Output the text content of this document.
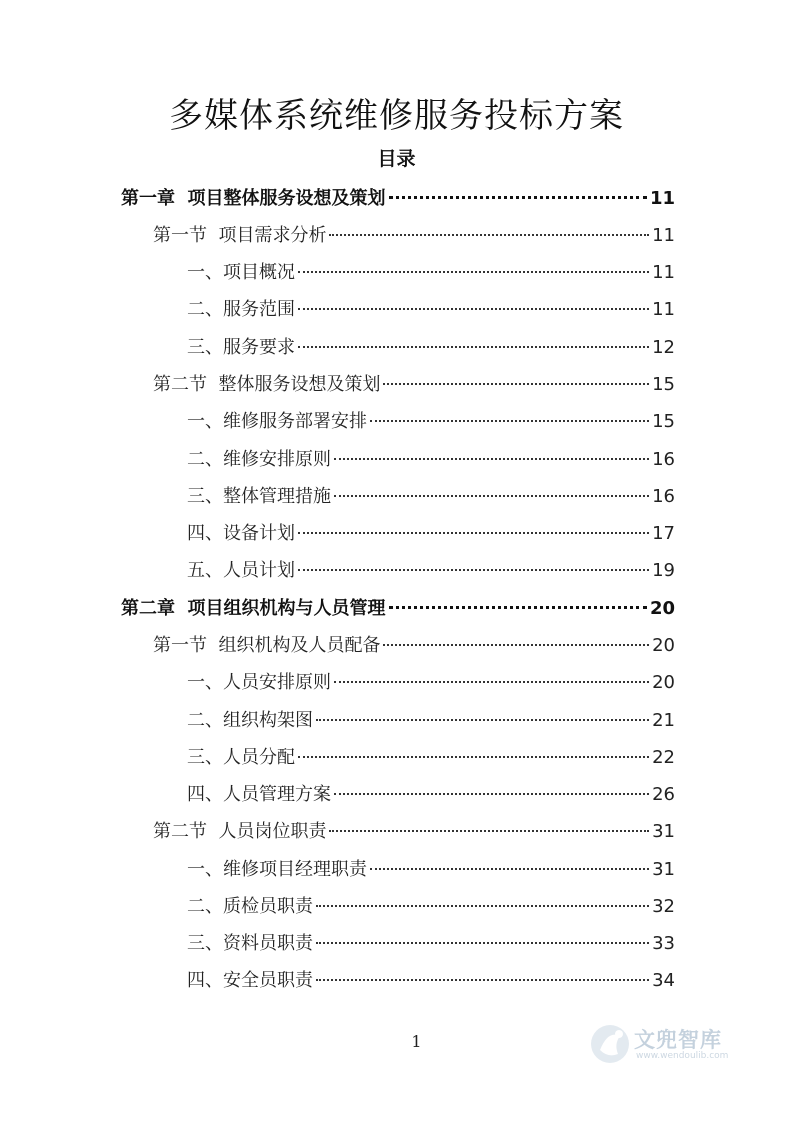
多媒体系统维修服务投标方案
目录
第一章  项目整体服务设想及策划	11
第一节  项目需求分析	11
一、项目概况	11
二、服务范围	11
三、服务要求	12
第二节  整体服务设想及策划	15
一、维修服务部署安排	15
二、维修安排原则	16
三、整体管理措施	16
四、设备计划	17
五、人员计划	19
第二章  项目组织机构与人员管理	20
第一节  组织机构及人员配备	20
一、人员安排原则	20
二、组织构架图	21
三、人员分配	22
四、人员管理方案	26
第二节  人员岗位职责	31
一、维修项目经理职责	31
二、质检员职责	32
三、资料员职责	33
四、安全员职责	34
1	文兜智库
www.wendoulib.com
